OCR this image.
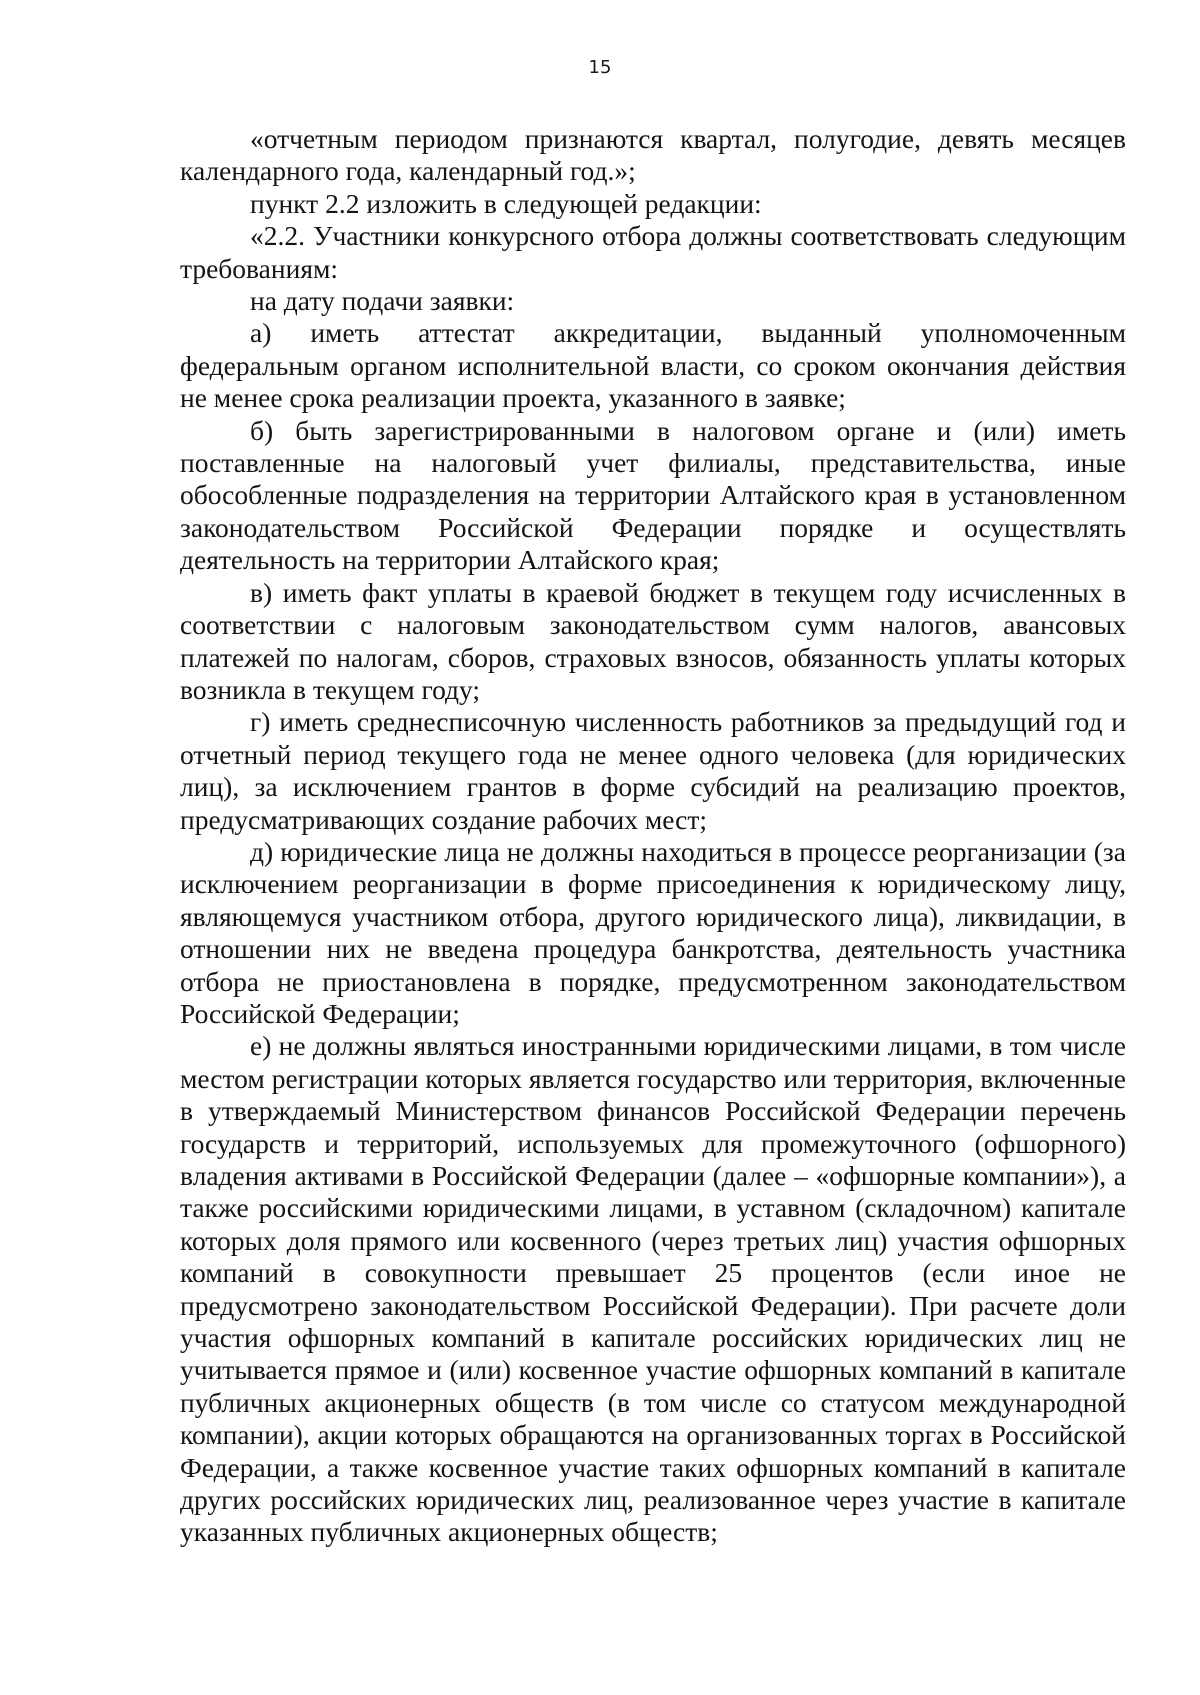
15

«отчетным периодом признаются квартал, полугодие, девять месяцев календарного года, календарный год.»;

пункт 2.2 изложить в следующей редакции:

«2.2. Участники конкурсного отбора должны соответствовать следующим требованиям:

на дату подачи заявки:

а) иметь аттестат аккредитации, выданный уполномоченным федеральным органом исполнительной власти, со сроком окончания действия не менее срока реализации проекта, указанного в заявке;

б) быть зарегистрированными в налоговом органе и (или) иметь поставленные на налоговый учет филиалы, представительства, иные обособленные подразделения на территории Алтайского края в установленном законодательством Российской Федерации порядке и осуществлять деятельность на территории Алтайского края;

в) иметь факт уплаты в краевой бюджет в текущем году исчисленных в соответствии с налоговым законодательством сумм налогов, авансовых платежей по налогам, сборов, страховых взносов, обязанность уплаты которых возникла в текущем году;

г) иметь среднесписочную численность работников за предыдущий год и отчетный период текущего года не менее одного человека (для юридических лиц), за исключением грантов в форме субсидий на реализацию проектов, предусматривающих создание рабочих мест;

д) юридические лица не должны находиться в процессе реорганизации (за исключением реорганизации в форме присоединения к юридическому лицу, являющемуся участником отбора, другого юридического лица), ликвидации, в отношении них не введена процедура банкротства, деятельность участника отбора не приостановлена в порядке, предусмотренном законодательством Российской Федерации;

е) не должны являться иностранными юридическими лицами, в том числе местом регистрации которых является государство или территория, включенные в утверждаемый Министерством финансов Российской Федерации перечень государств и территорий, используемых для промежуточного (офшорного) владения активами в Российской Федерации (далее – «офшорные компании»), а также российскими юридическими лицами, в уставном (складочном) капитале которых доля прямого или косвенного (через третьих лиц) участия офшорных компаний в совокупности превышает 25 процентов (если иное не предусмотрено законодательством Российской Федерации). При расчете доли участия офшорных компаний в капитале российских юридических лиц не учитывается прямое и (или) косвенное участие офшорных компаний в капитале публичных акционерных обществ (в том числе со статусом международной компании), акции которых обращаются на организованных торгах в Российской Федерации, а также косвенное участие таких офшорных компаний в капитале других российских юридических лиц, реализованное через участие в капитале указанных публичных акционерных обществ;
